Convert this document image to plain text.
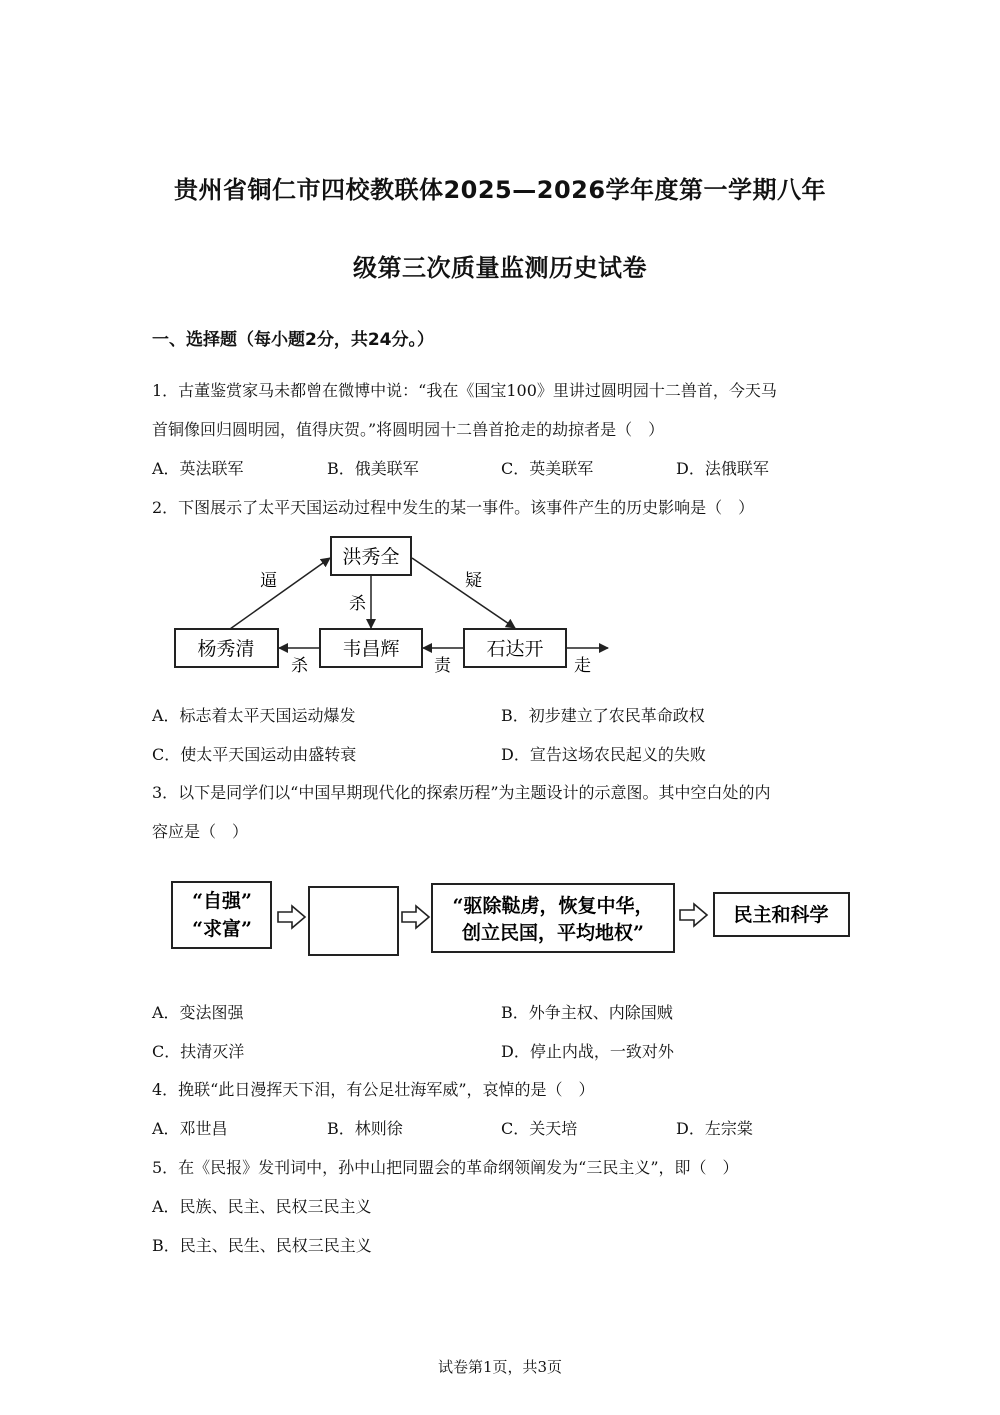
贵州省铜仁市四校教联体2025—2026学年度第一学期八年
级第三次质量监测历史试卷
一、选择题（每小题2分，共24分。）
1．古董鉴赏家马未都曾在微博中说：“我在《国宝100》里讲过圆明园十二兽首，今天马
首铜像回归圆明园，值得庆贺。”将圆明园十二兽首抢走的劫掠者是（　）
A．英法联军	B．俄美联军	C．英美联军	D．法俄联军
2．下图展示了太平天国运动过程中发生的某一事件。该事件产生的历史影响是（　）
洪秀全
杨秀清	韦昌辉	石达开
逼	疑
杀
杀	责	走
A．标志着太平天国运动爆发	B．初步建立了农民革命政权
C．使太平天国运动由盛转衰	D．宣告这场农民起义的失败
3．以下是同学们以“中国早期现代化的探索历程”为主题设计的示意图。其中空白处的内
容应是（　）
“自强”
“求富”
“驱除鞑虏，恢复中华，
创立民国，平均地权”
民主和科学
A．变法图强	B．外争主权、内除国贼
C．扶清灭洋	D．停止内战，一致对外
4．挽联“此日漫挥天下泪，有公足壮海军威”，哀悼的是（　）
A．邓世昌	B．林则徐	C．关天培	D．左宗棠
5．在《民报》发刊词中，孙中山把同盟会的革命纲领阐发为“三民主义”，即（　）
A．民族、民主、民权三民主义
B．民主、民生、民权三民主义
试卷第1页，共3页
